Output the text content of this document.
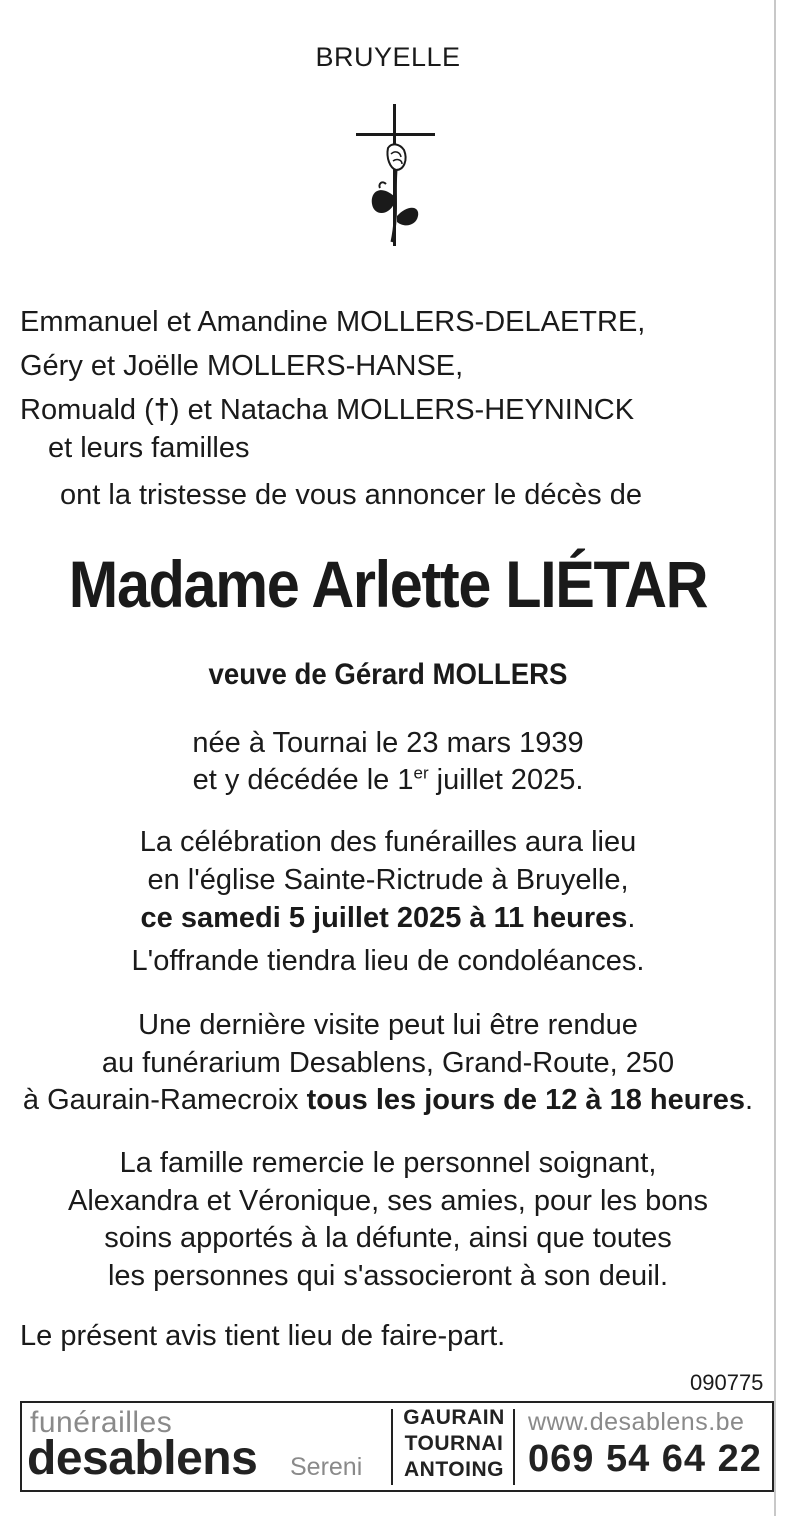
BRUYELLE
Emmanuel et Amandine MOLLERS-DELAETRE,
Géry et Joëlle MOLLERS-HANSE,
Romuald (†) et Natacha MOLLERS-HEYNINCK
et leurs familles
ont la tristesse de vous annoncer le décès de
Madame Arlette LIÉTAR
veuve de Gérard MOLLERS
née à Tournai le 23 mars 1939
et y décédée le 1er juillet 2025.
La célébration des funérailles aura lieu
en l'église Sainte-Rictrude à Bruyelle,
ce samedi 5 juillet 2025 à 11 heures.
L'offrande tiendra lieu de condoléances.
Une dernière visite peut lui être rendue
au funérarium Desablens, Grand-Route, 250
à Gaurain-Ramecroix tous les jours de 12 à 18 heures.
La famille remercie le personnel soignant,
Alexandra et Véronique, ses amies, pour les bons
soins apportés à la défunte, ainsi que toutes
les personnes qui s'associeront à son deuil.
Le présent avis tient lieu de faire-part.
090775
funérailles
desablens Sereni
GAURAIN
TOURNAI
ANTOING
www.desablens.be
069 54 64 22
